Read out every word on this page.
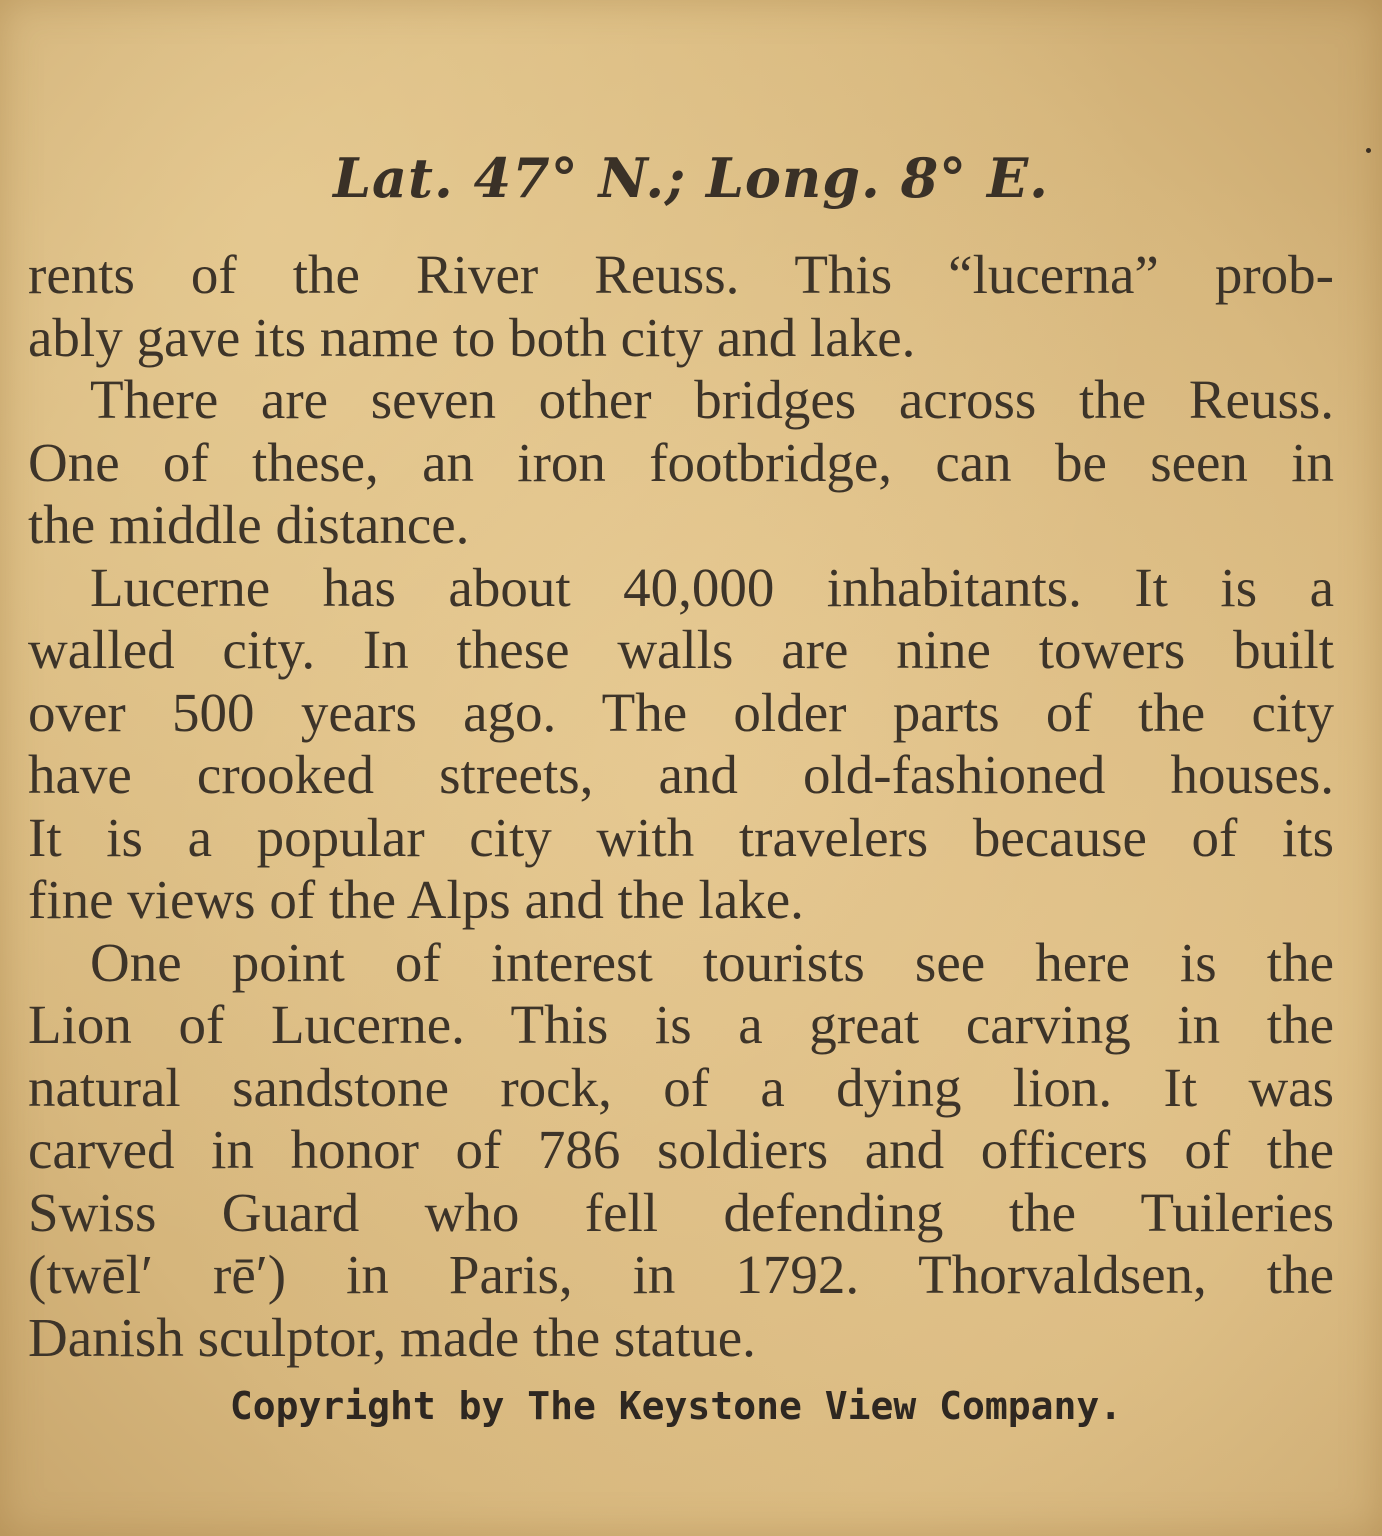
Lat. 47° N.; Long. 8° E.
rents of the River Reuss. This “lucerna” prob-
ably gave its name to both city and lake.
There are seven other bridges across the Reuss.
One of these, an iron footbridge, can be seen in
the middle distance.
Lucerne has about 40,000 inhabitants. It is a
walled city. In these walls are nine towers built
over 500 years ago. The older parts of the city
have crooked streets, and old-fashioned houses.
It is a popular city with travelers because of its
fine views of the Alps and the lake.
One point of interest tourists see here is the
Lion of Lucerne. This is a great carving in the
natural sandstone rock, of a dying lion. It was
carved in honor of 786 soldiers and officers of the
Swiss Guard who fell defending the Tuileries
(twēl′ rē′) in Paris, in 1792. Thorvaldsen, the
Danish sculptor, made the statue.

Copyright by The Keystone View Company.
